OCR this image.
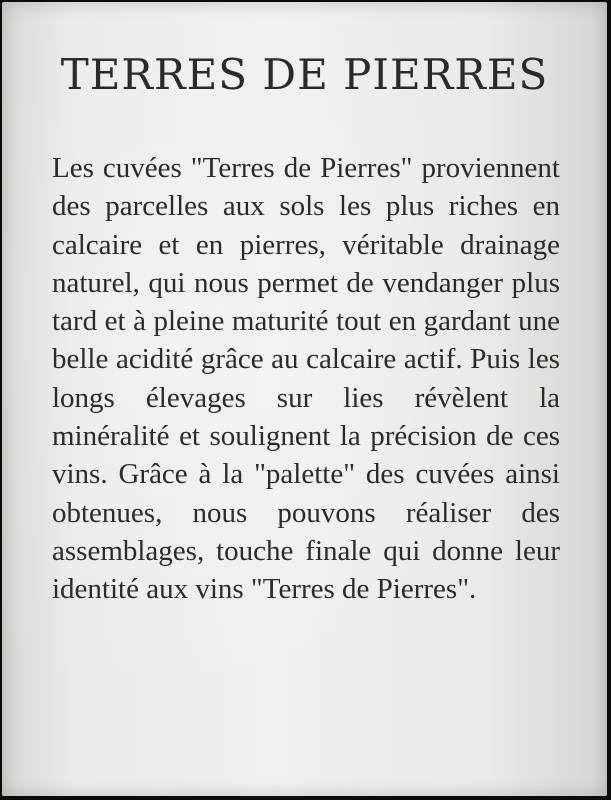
TERRES DE PIERRES

Les cuvées "Terres de Pierres" proviennent des parcelles aux sols les plus riches en calcaire et en pierres, véritable drainage naturel, qui nous permet de vendanger plus tard et à pleine maturité tout en gardant une belle acidité grâce au calcaire actif. Puis les longs élevages sur lies révèlent la minéralité et soulignent la précision de ces vins. Grâce à la "palette" des cuvées ainsi obtenues, nous pouvons réaliser des assemblages, touche finale qui donne leur identité aux vins "Terres de Pierres".
